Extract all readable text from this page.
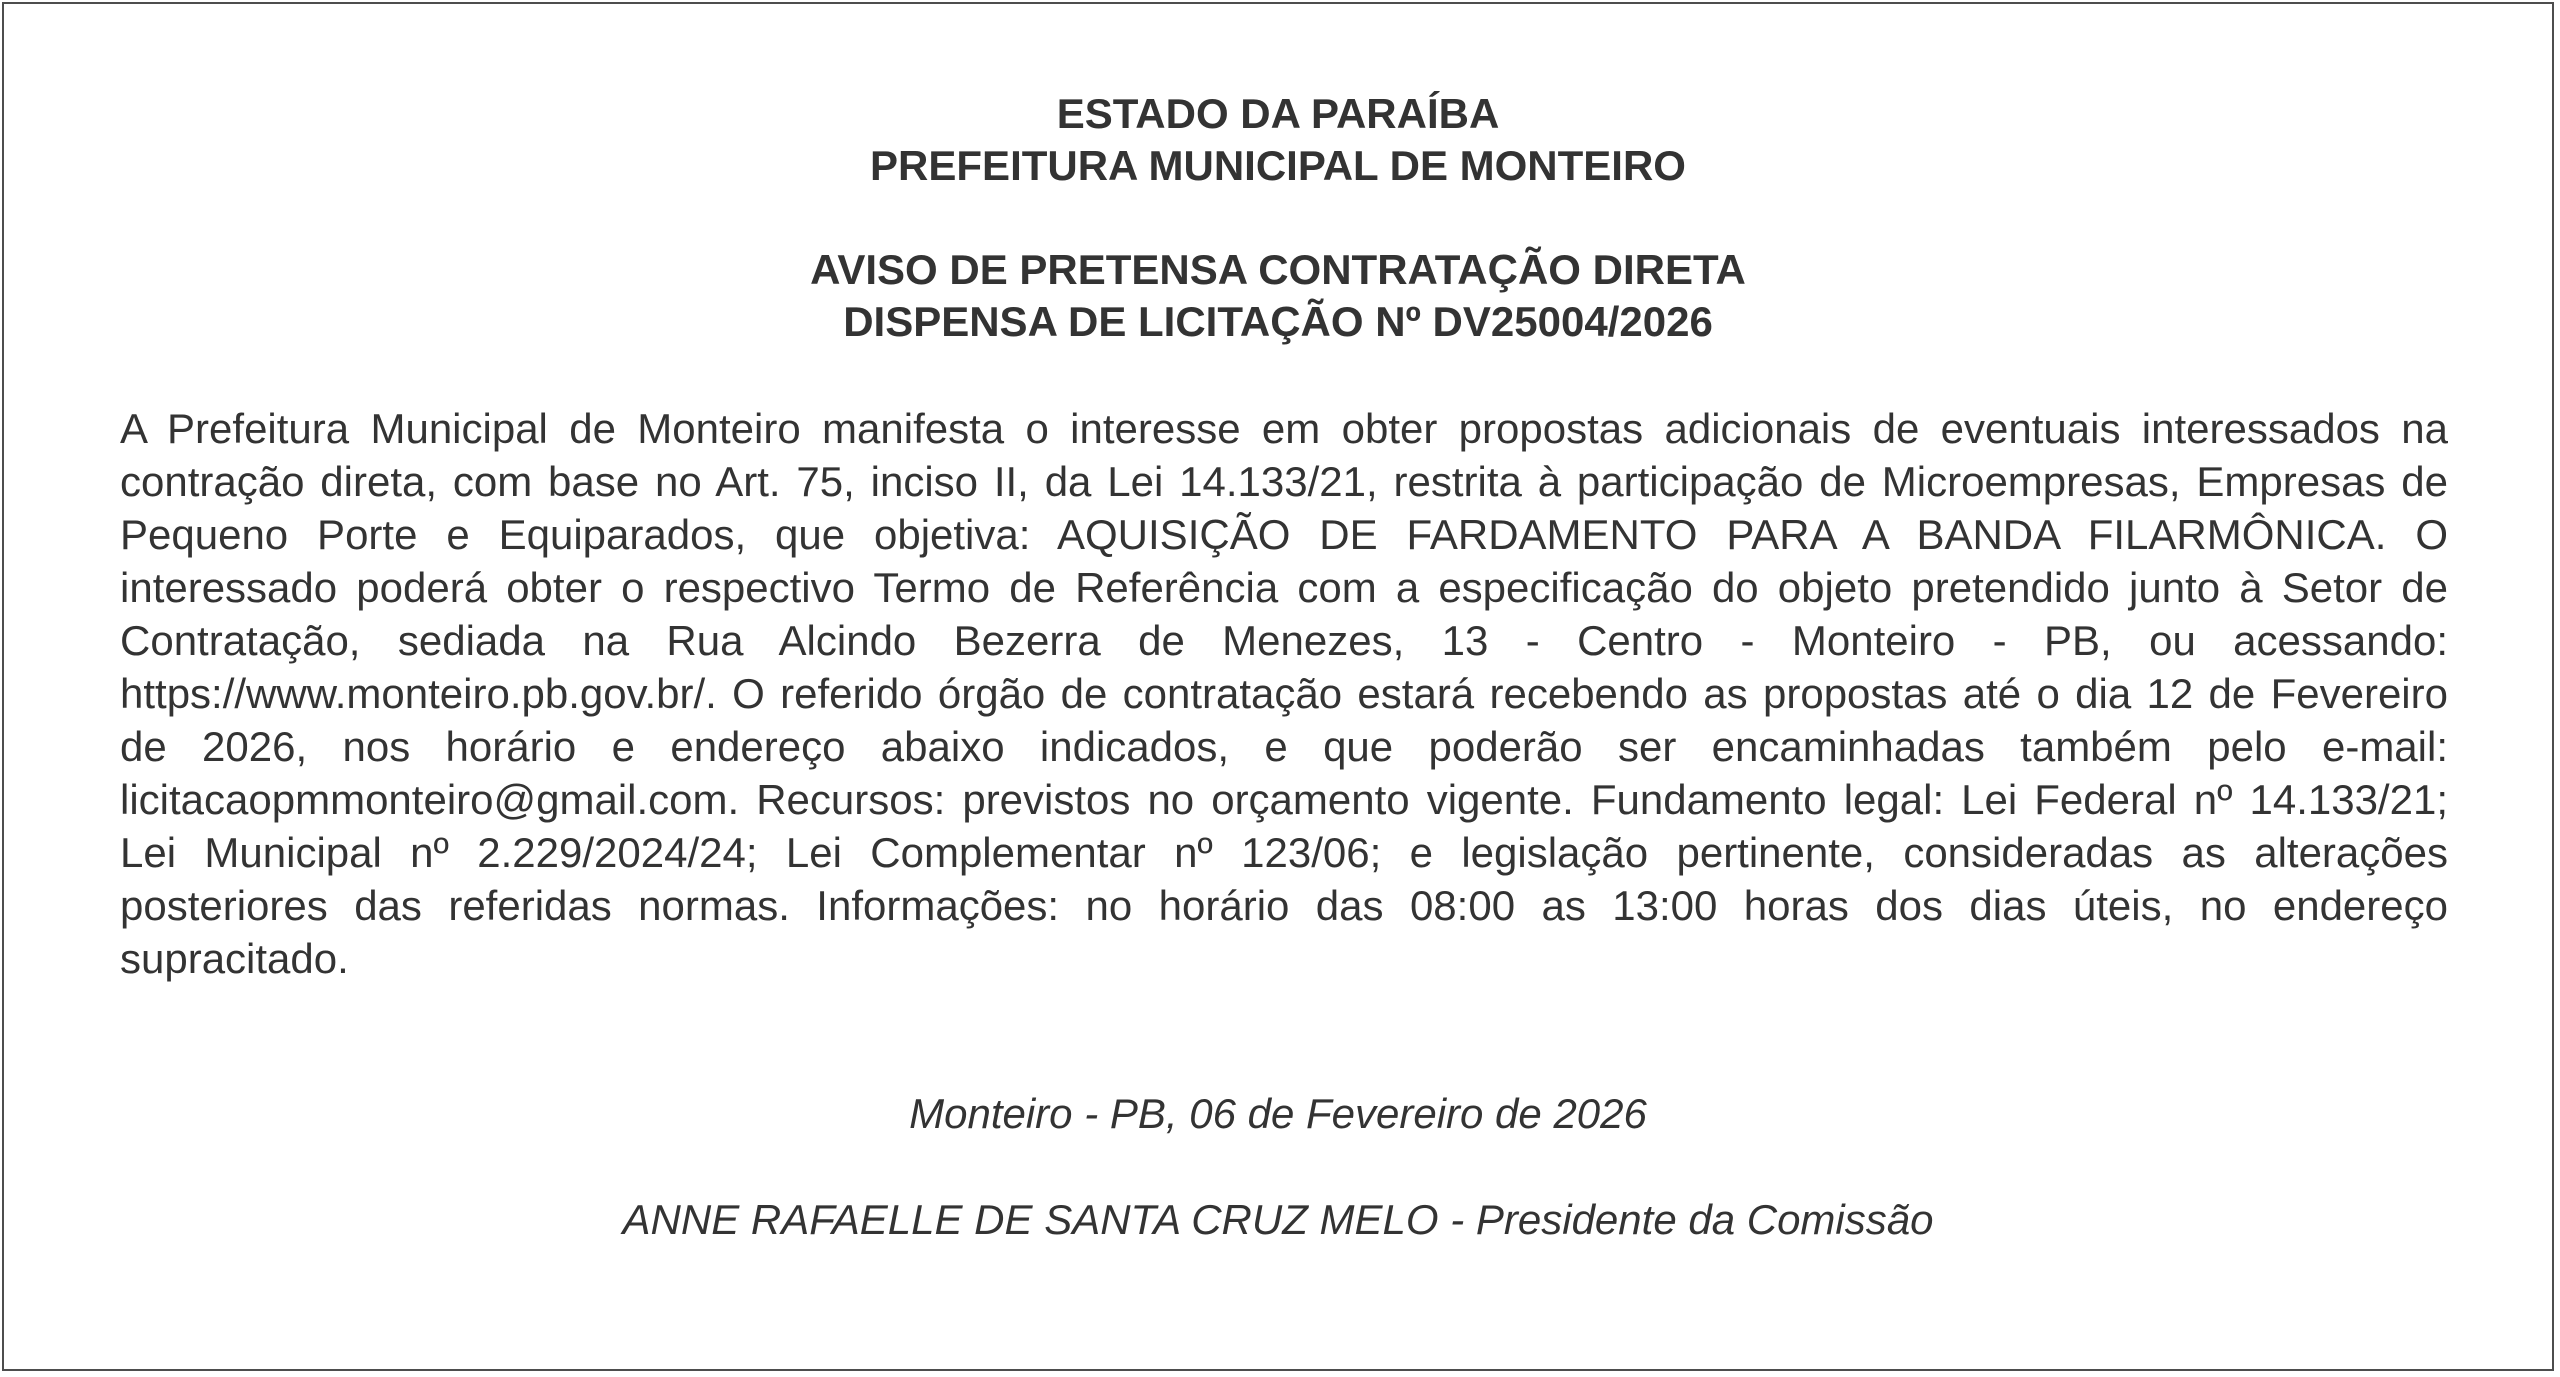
ESTADO DA PARAÍBA
PREFEITURA MUNICIPAL DE MONTEIRO
AVISO DE PRETENSA CONTRATAÇÃO DIRETA
DISPENSA DE LICITAÇÃO Nº DV25004/2026
A Prefeitura Municipal de Monteiro manifesta o interesse em obter propostas adicionais de eventuais interessados na contração direta, com base no Art. 75, inciso II, da Lei 14.133/21, restrita à participação de Microempresas, Empresas de Pequeno Porte e Equiparados, que objetiva: AQUISIÇÃO DE FARDAMENTO PARA A BANDA FILARMÔNICA. O interessado poderá obter o respectivo Termo de Referência com a especificação do objeto pretendido junto à Setor de Contratação, sediada na Rua Alcindo Bezerra de Menezes, 13 - Centro - Monteiro - PB, ou acessando: https://www.monteiro.pb.gov.br/. O referido órgão de contratação estará recebendo as propostas até o dia 12 de Fevereiro de 2026, nos horário e endereço abaixo indicados, e que poderão ser encaminhadas também pelo e-mail: licitacaopmmonteiro@gmail.com. Recursos: previstos no orçamento vigente. Fundamento legal: Lei Federal nº 14.133/21; Lei Municipal nº 2.229/2024/24; Lei Complementar nº 123/06; e legislação pertinente, consideradas as alterações posteriores das referidas normas. Informações: no horário das 08:00 as 13:00 horas dos dias úteis, no endereço supracitado.
Monteiro - PB, 06 de Fevereiro de 2026
ANNE RAFAELLE DE SANTA CRUZ MELO - Presidente da Comissão
